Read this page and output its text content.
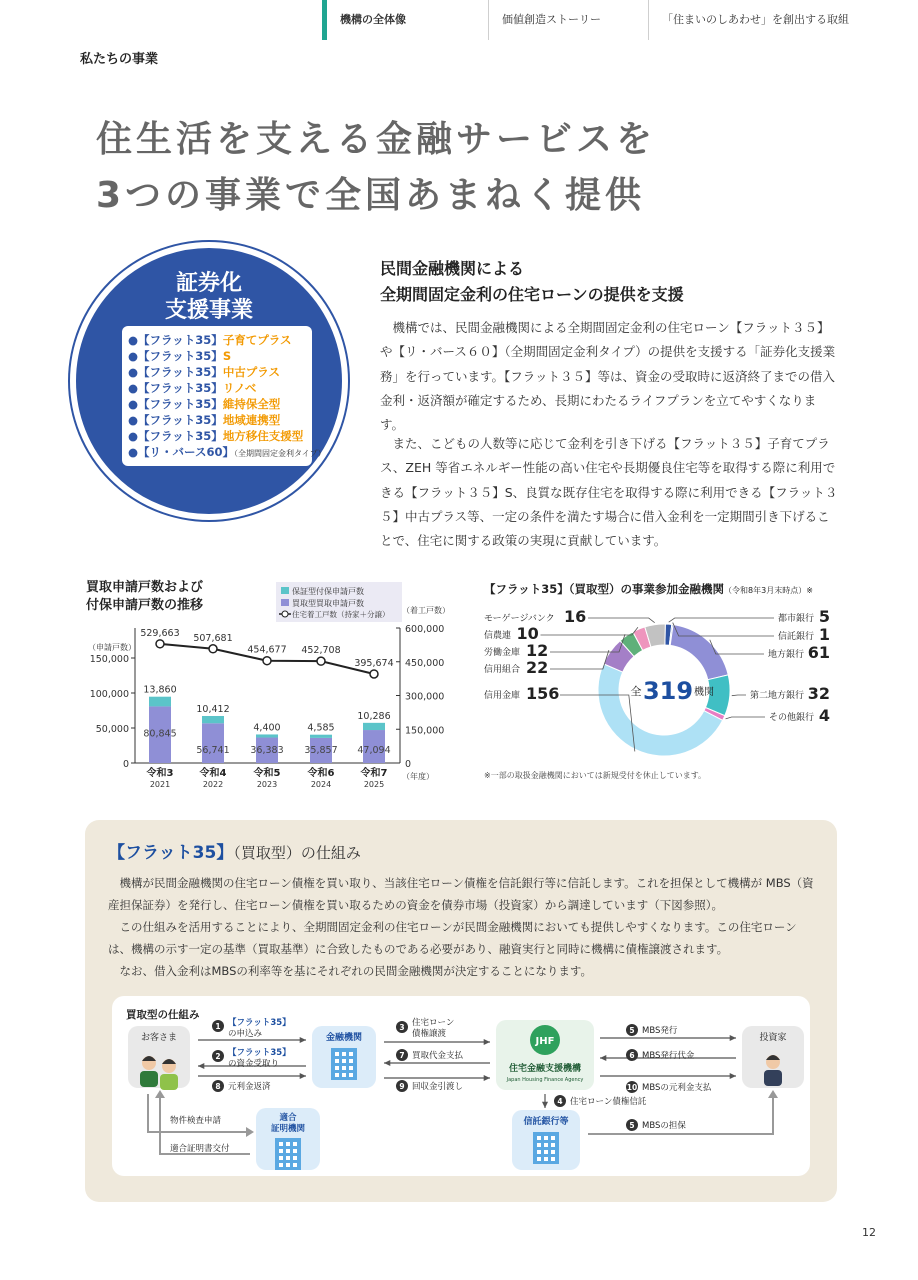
機構の全体像	価値創造ストーリー	「住まいのしあわせ」を創出する取組
私たちの事業
住生活を支える金融サービスを
3つの事業で全国あまねく提供
証券化
支援事業
●【フラット35】子育てプラス
●【フラット35】S
●【フラット35】中古プラス
●【フラット35】リノベ
●【フラット35】維持保全型
●【フラット35】地域連携型
●【フラット35】地方移住支援型
●【リ・バース60】（全期間固定金利タイプ）
民間金融機関による
全期間固定金利の住宅ローンの提供を支援
機構では、民間金融機関による全期間固定金利の住宅ローン【フラット３５】や【リ・バース６０】（全期間固定金利タイプ）の提供を支援する「証券化支援業務」を行っています。【フラット３５】等は、資金の受取時に返済終了までの借入金利・返済額が確定するため、長期にわたるライフプランを立てやすくなります。
また、こどもの人数等に応じて金利を引き下げる【フラット３５】子育てプラス、ZEH 等省エネルギー性能の高い住宅や長期優良住宅等を取得する際に利用できる【フラット３５】S、良質な既存住宅を取得する際に利用できる【フラット３５】中古プラス等、一定の条件を満たす場合に借入金利を一定期間引き下げることで、住宅に関する政策の実現に貢献しています。
買取申請戸数および
付保申請戸数の推移
保証型付保申請戸数
買取型買取申請戸数
住宅着工戸数（持家＋分譲）
（申請戸数）
（着工戸数）
（年度）
0
50,000
100,000
150,000
0
150,000
300,000
450,000
600,000
13,860
80,845
令和3
2021
10,412
56,741
令和4
2022
4,400
36,383
令和5
2023
4,585
35,857
令和6
2024
10,286
47,094
令和7
2025
529,663 507,681
454,677 452,708
395,674
【フラット35】（買取型）の事業参加金融機関（令和8年3月末時点）※
全 319 機関
5
都市銀行
1
信託銀行
61
地方銀行
32
第二地方銀行
4
その他銀行
信用金庫 156
信用組合 22
労働金庫 12
信農連 10
モーゲージバンク 16
※一部の取扱金融機関においては新規受付を休止しています。
【フラット35】（買取型）の仕組み
機構が民間金融機関の住宅ローン債権を買い取り、当該住宅ローン債権を信託銀行等に信託します。これを担保として機構が MBS（資産担保証券）を発行し、住宅ローン債権を買い取るための資金を債券市場（投資家）から調達しています（下図参照）。
この仕組みを活用することにより、全期間固定金利の住宅ローンが民間金融機関においても提供しやすくなります。この住宅ローンは、機構の示す一定の基準（買取基準）に合致したものである必要があり、融資実行と同時に機構に債権譲渡されます。
なお、借入金利はMBSの利率等を基にそれぞれの民間金融機関が決定することになります。
買取型の仕組み
お客さま	金融機関	JHF
住宅金融支援機構
Japan Housing Finance Agency
投資家
信託銀行等
適合
証明機関
1 【フラット35】
の申込み
2 【フラット35】
の資金受取り
8 元利金返済
3 住宅ローン
債権譲渡
7 買取代金支払
9 回収金引渡し
5 MBS発行
6 MBS発行代金
10 MBSの元利金支払
4 住宅ローン債権信託
5 MBSの担保
物件検査申請
適合証明書交付
12
